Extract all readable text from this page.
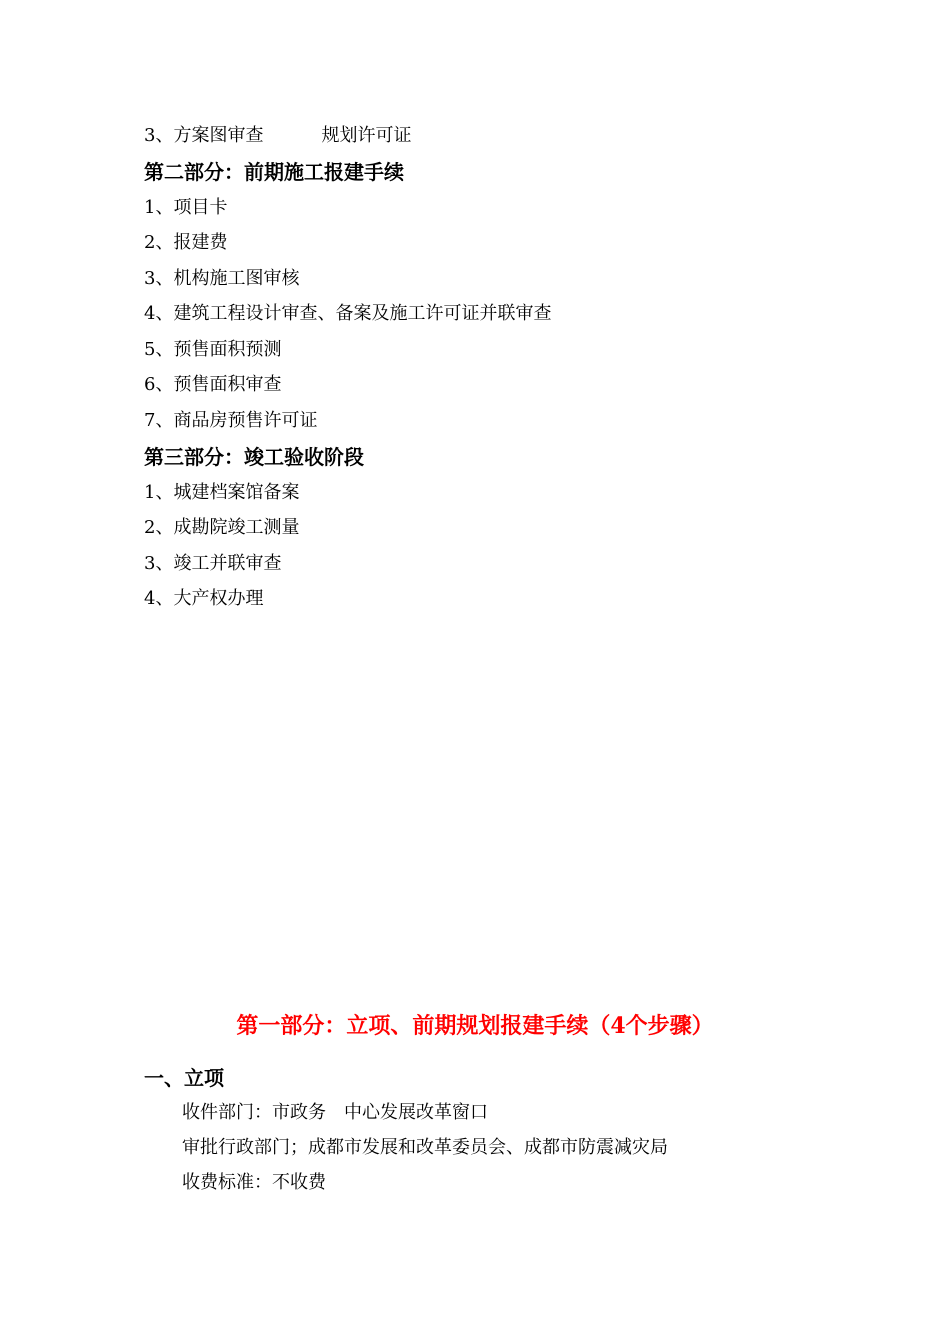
3、方案图审查	规划许可证
第二部分：前期施工报建手续
1、项目卡
2、报建费
3、机构施工图审核
4、建筑工程设计审查、备案及施工许可证并联审查
5、预售面积预测
6、预售面积审查
7、商品房预售许可证
第三部分：竣工验收阶段
1、城建档案馆备案
2、成勘院竣工测量
3、竣工并联审查
4、大产权办理
第一部分：立项、前期规划报建手续（4个步骤）
一、立项
收件部门：市政务　中心发展改革窗口
审批行政部门；成都市发展和改革委员会、成都市防震减灾局
收费标准：不收费
